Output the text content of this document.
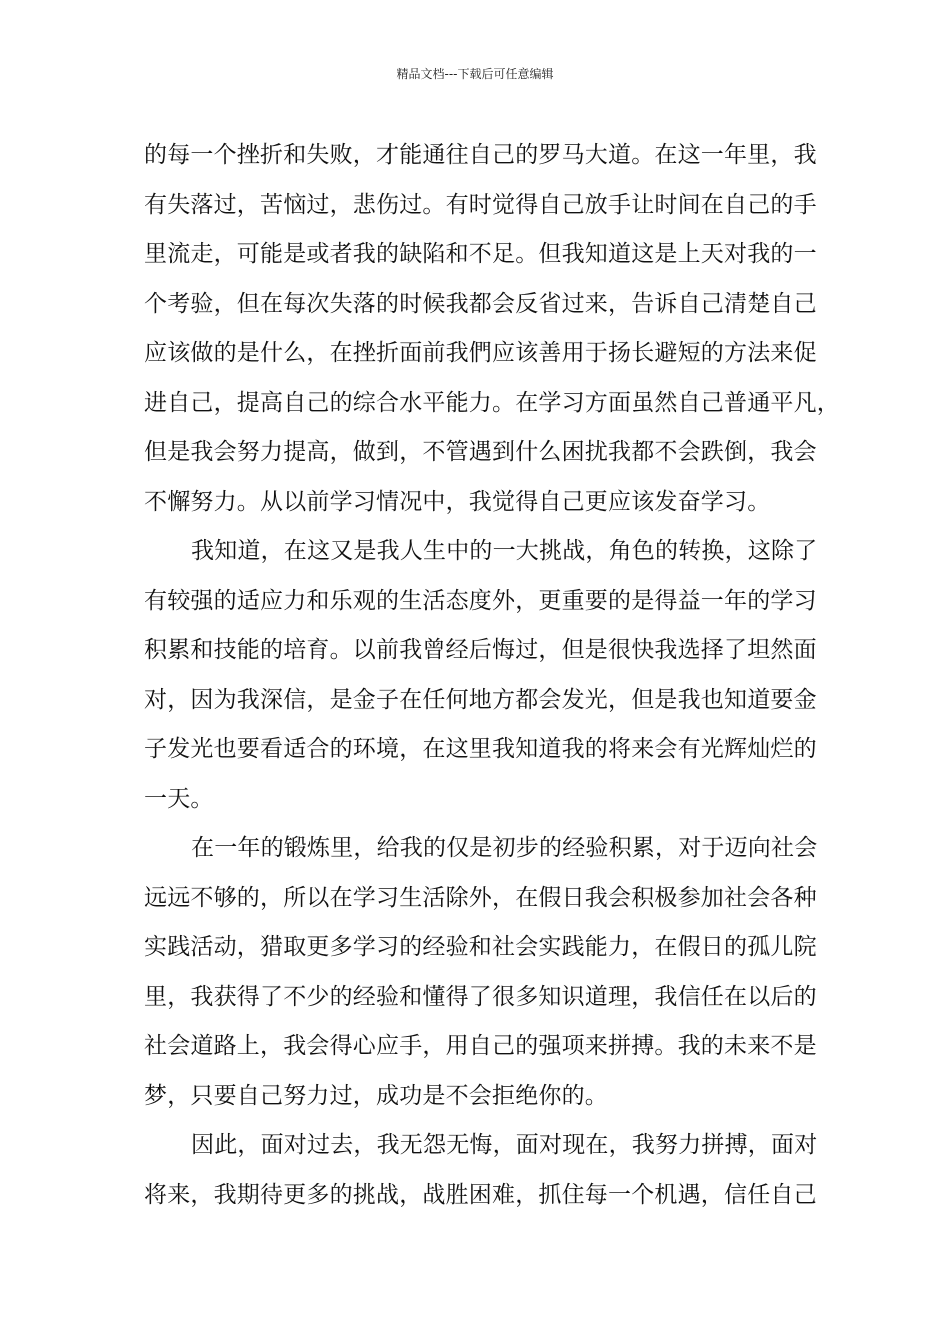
精品文档---下载后可任意编辑
的每一个挫折和失败，才能通往自己的罗马大道。在这一年里，我
有失落过，苦恼过，悲伤过。有时觉得自己放手让时间在自己的手
里流走，可能是或者我的缺陷和不足。但我知道这是上天对我的一
个考验，但在每次失落的时候我都会反省过来，告诉自己清楚自己
应该做的是什么，在挫折面前我們应该善用于扬长避短的方法来促
进自己，提高自己的综合水平能力。在学习方面虽然自己普通平凡，
但是我会努力提高，做到，不管遇到什么困扰我都不会跌倒，我会
不懈努力。从以前学习情况中，我觉得自己更应该发奋学习。
我知道，在这又是我人生中的一大挑战，角色的转换，这除了
有较强的适应力和乐观的生活态度外，更重要的是得益一年的学习
积累和技能的培育。以前我曾经后悔过，但是很快我选择了坦然面
对，因为我深信，是金子在任何地方都会发光，但是我也知道要金
子发光也要看适合的环境，在这里我知道我的将来会有光辉灿烂的
一天。
在一年的锻炼里，给我的仅是初步的经验积累，对于迈向社会
远远不够的，所以在学习生活除外，在假日我会积极参加社会各种
实践活动，猎取更多学习的经验和社会实践能力，在假日的孤儿院
里，我获得了不少的经验和懂得了很多知识道理，我信任在以后的
社会道路上，我会得心应手，用自己的强项来拼搏。我的未来不是
梦，只要自己努力过，成功是不会拒绝你的。
因此，面对过去，我无怨无悔，面对现在，我努力拼搏，面对
将来，我期待更多的挑战，战胜困难，抓住每一个机遇，信任自己
